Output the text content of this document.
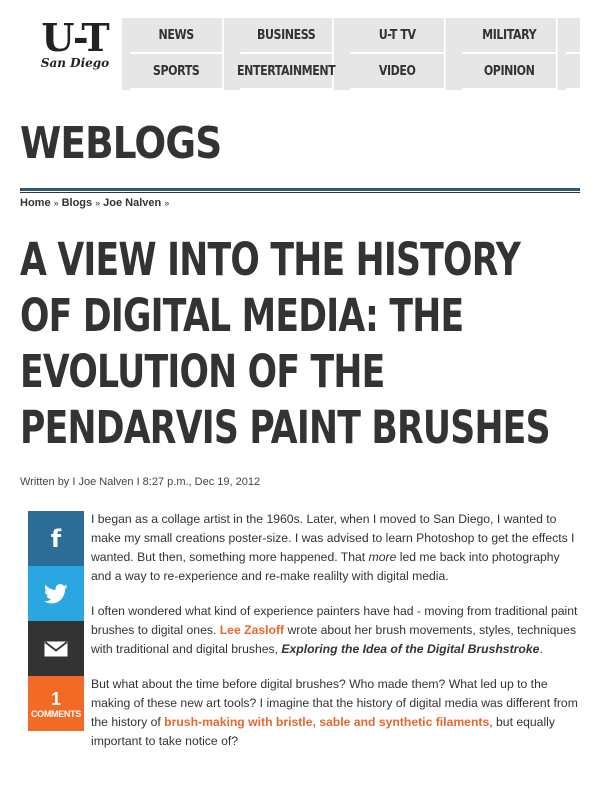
U-T
San Diego
NEWS	BUSINESS	U-T TV	MILITARY
SPORTS	ENTERTAINMENT	VIDEO	OPINION
WEBLOGS
Home » Blogs » Joe Nalven »
A VIEW INTO THE HISTORY OF DIGITAL MEDIA: THE EVOLUTION OF THE PENDARVIS PAINT BRUSHES
Written by I Joe Nalven I 8:27 p.m., Dec 19, 2012
f
1
COMMENTS

I began as a collage artist in the 1960s. Later, when I moved to San Diego, I wanted to make my small creations poster-size. I was advised to learn Photoshop to get the effects I wanted. But then, something more happened. That more led me back into photography and a way to re-experience and re-make realilty with digital media.

I often wondered what kind of experience painters have had - moving from traditional paint brushes to digital ones. Lee Zasloff wrote about her brush movements, styles, techniques with traditional and digital brushes, Exploring the Idea of the Digital Brushstroke.

But what about the time before digital brushes? Who made them? What led up to the making of these new art tools? I imagine that the history of digital media was different from the history of brush-making with bristle, sable and synthetic filaments, but equally important to take notice of?
